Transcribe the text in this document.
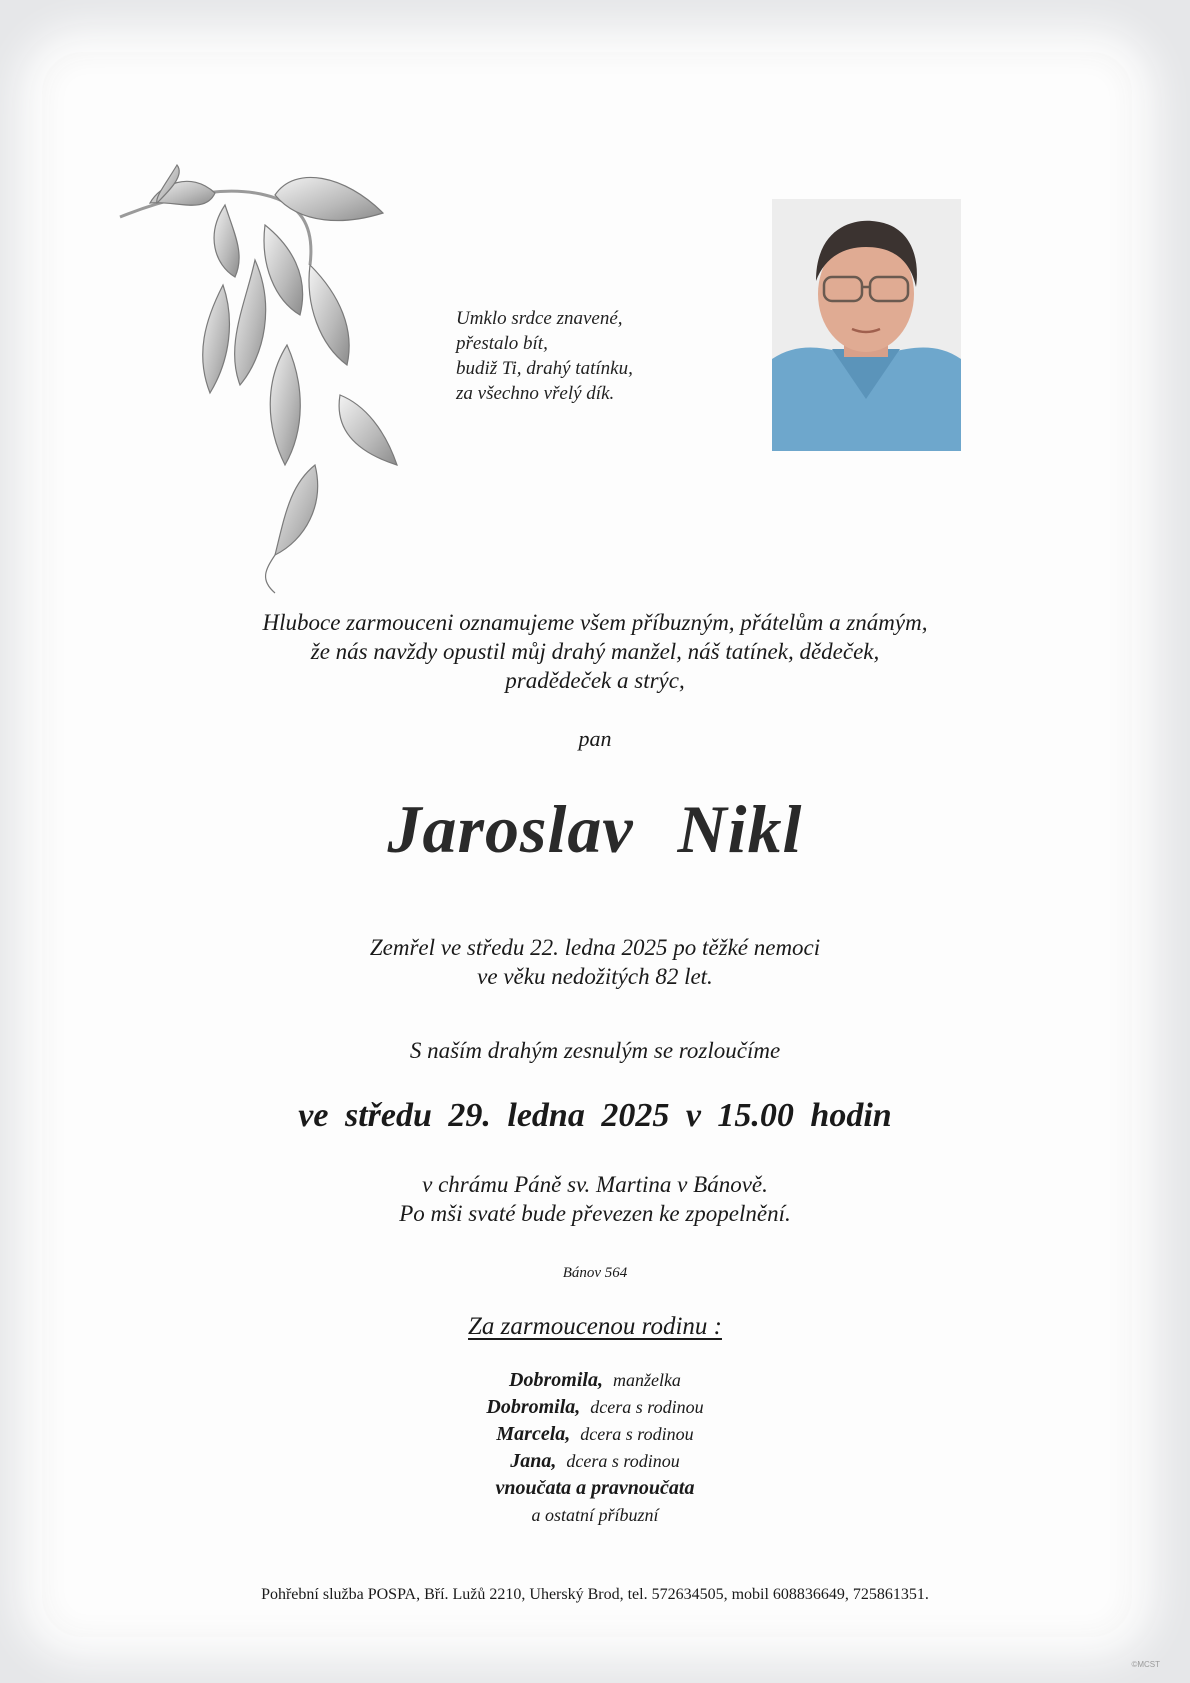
Umklo srdce znavené,
přestalo bít,
budiž Ti, drahý tatínku,
za všechno vřelý dík.
Hluboce zarmouceni oznamujeme všem příbuzným, přátelům a známým,
že nás navždy opustil můj drahý manžel, náš tatínek, dědeček,
pradědeček a strýc,
pan
Jaroslav Nikl
Zemřel ve středu 22. ledna 2025 po těžké nemoci
ve věku nedožitých 82 let.
S naším drahým zesnulým se rozloučíme
ve středu 29. ledna 2025 v 15.00 hodin
v chrámu Páně sv. Martina v Bánově.
Po mši svaté bude převezen ke zpopelnění.
Bánov 564
Za zarmoucenou rodinu :
Dobromila, manželka
Dobromila, dcera s rodinou
Marcela, dcera s rodinou
Jana, dcera s rodinou
vnoučata a pravnoučata
a ostatní příbuzní
Pohřební služba POSPA, Bří. Lužů 2210, Uherský Brod, tel. 572634505, mobil 608836649, 725861351.
©MCST
